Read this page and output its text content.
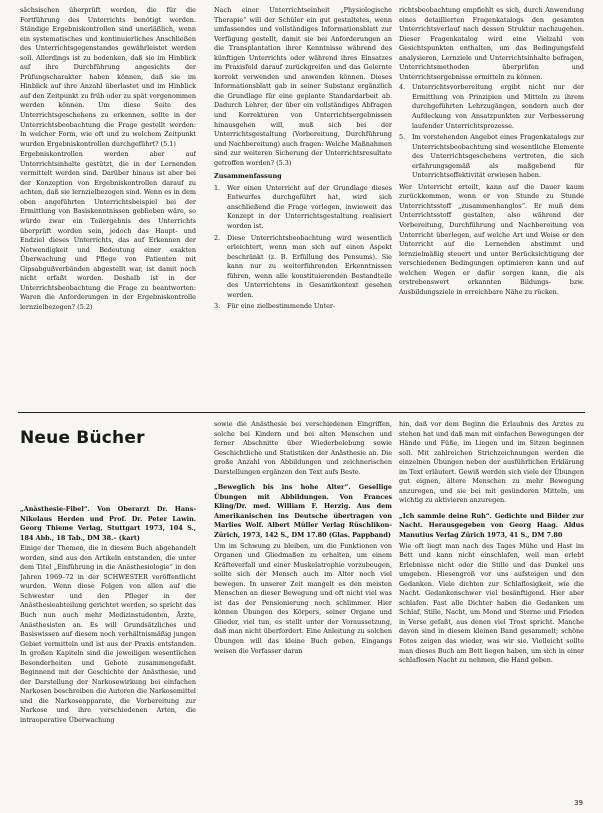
sächsischen überprüft werden, die für die Fortführung des Unterrichts benötigt werden. Ständige Ergebniskontrollen sind unerläßlich, wenn ein systematisches und kontinuierliches Anschließen des Unterrichtsgegenstandes gewährleistet werden soll. Allerdings ist zu bedenken, daß sie im Hinblick auf ihre Durchführung angesichts der Prüfungscharakter haben können, daß sie im Hinblick auf ihre Anzahl überlastet und im Hinblick auf den Zeitpunkt zu früh oder zu spät vorgenommen werden können. Um diese Seite des Unterrichtsgeschehens zu erkennen, sollte in der Unterrichtsbeobachtung die Frage gestellt werden: In welcher Form, wie oft und zu welchem Zeitpunkt wurden Ergebniskontrollen durchgeführt? (5.1)

Ergebniskontrollen werden aber auf Unterrichtsinhalte gestützt, die in der Lernenden vermittelt werden sind. Darüber hinaus ist aber bei der Konzeption von Ergebniskontrollen darauf zu achten, daß sie lernzielbezogen sind. Wenn es in dem oben angeführten Unterrichtsbeispiel bei der Ermittlung von Basiskenntnissen geblieben wäre, so würde zwar ein Teilergebnis des Unterrichts überprüft worden sein, jedoch das Haupt- und Endziel dieses Unterrichts, das auf Erkennen der Notwendigkeit und Bedeutung einer exakten Überwachung und Pflege von Patienten mit Gipsabgußverbänden abgestellt war, ist damit noch nicht erfaßt worden. Deshalb ist in der Unterrichtsbeobachtung die Frage zu beantworten: Waren die Anforderungen in der Ergebniskontrolle lernzielbezogen? (5.2)

Nach einer Unterrichtseinheit „Physiologische Therapie“ will der Schüler ein gut gestaltetes, wenn umfassendes und vollständiges Informationsblatt zur Verfügung gestellt, damit sie bei Anforderungen an die Transplantation ihrer Kenntnisse während des künftigen Unterrichts oder während ihres Einsatzes im Praxisfeld darauf zurückgreifen und das Gelernte korrekt verwenden und anwenden können. Dieses Informationsblatt gab in seiner Substanz ergänzlich die Grundlage für eine geplante Standardarbeit ab. Dadurch Lehrer, der über ein vollständiges Abfragen und Korrekturen von Unterrichtsergebnissen hinausgehen will, muß sich bei der Unterrichtsgestaltung (Vorbereitung, Durchführung und Nachbereitung) auch fragen: Welche Maßnahmen sind zur weiteren Sicherung der Unterrichtsresultate getroffen worden? (5.3)

Zusammenfassung
1. Wer einen Unterricht auf der Grundlage dieses Entwurfes durchgeführt hat, wird sich anschließend die Frage vorlegen, inwieweit das Konzept in der Unterrichtsgestaltung realisiert worden ist.
2. Diese Unterrichtsbeobachtung wird wesentlich erleichtert, wenn man sich auf einen Aspekt beschränkt (z. B. Erfüllung des Pensums). Sie kann nur zu weiterführenden Erkenntnissen führen, wenn alle konstituierenden Bestandteile des Unterrichtens in Gesamtkontext gesehen werden.
3. Für eine zielbestimmende Unter-

richtsbeobachtung empfiehlt es sich, durch Anwendung eines detaillierten Fragenkatalogs den gesamten Unterrichtsverlauf nach dessen Struktur nachzugehen. Dieser Fragenkatalog wird eine Vielzahl von Gesichtspunkten enthalten, um das Bedingungsfeld analysieren, Lernziele und Unterrichtsinhalte befragen, Unterrichtsmethoden überprüfen und Unterrichtsergebnisse ermitteln zu können.

4. Unterrichtsvorbereitung ergibt nicht nur der Ermittlung von Prinzipien und Mitteln zu ihrem durchgeführten Lehrzugängen, sondern auch der Aufdeckung von Ansatzpunkten zur Verbesserung laufender Unterrichtsprozesse.
5. Im vorstehenden Angebot eines Fragenkatalogs zur Unterrichtsbeobachtung sind wesentliche Elemente des Unterrichtsgeschehens vertreten, die sich erfahrungsgemäß als maßgebend für Unterrichtseffektivität erwiesen haben.

Wer Unterricht erteilt, kann auf die Dauer kaum zurückkommen, wenn er von Stunde zu Stunde Unterrichtsstoff „zusammenhanglos“. Er muß dem Unterrichtsstoff gestalten, also während der Vorbereitung, Durchführung und Nachbereitung von Unterricht überlegen, auf welche Art und Weise er den Unterricht auf die Lernenden abstimmt und lernzielmäßig steuert und unter Berücksichtigung der verschiedenen Bedingungen optimieren kann und auf welchen Wegen er dafür sorgen kann, die als erstrebenswert erkannten Bildungs- bzw. Ausbildungsziele in erreichbare Nähe zu rücken.

Neue Bücher

„Anästhesie-Fibel“. Von Oberarzt Dr. Hans-Nikolaus Herden und Prof. Dr. Peter Lawin. Georg Thieme Verlag, Stuttgart 1973, 104 S., 184 Abb., 18 Tab., DM 38.– (kart)

Einige der Themen, die in diesem Buch abgehandelt worden, sind aus den Artikeln entstanden, die unter dem Titel „Einführung in die Anästhesiologie“ in den Jahren 1969–72 in der SCHWESTER veröffentlicht wurden. Wenn diese Folgen von allen auf die Schwester und den Pfleger in der Anästhesieabteilung gerichtet werden, so spricht das Buch nun auch mehr Medizinstudenten, Ärzte, Anästhesisten an. Es will Grundsätzliches und Basiswissen auf diesem noch verhältnismäßig jungen Gebiet vermitteln und ist aus der Praxis entstanden. In großen Kapiteln sind die jeweiligen wesentlichen Besonderheiten und Gebote zusammengefaßt. Beginnend mit der Geschichte der Anästhesie, und der Darstellung der Narkosewirkung bei einfachen Narkosen beschreiben die Autoren die Narkosemittel und die Narkoseapparate, die Vorbereitung zur Narkose und ihre verschiedenen Arten, die intraoperative Überwachung

sowie die Anästhesie bei verschiedenen Eingriffen, solche bei Kindern und bei alten Menschen und ferner Abschnitte über Wiederbelebung sowie Geschichtliche und Statistiken der Anästhesie an. Die große Anzahl von Abbildungen und zeichnerischen Darstellungen ergänzen den Text aufs Beste.

„Beweglich bis ins hohe Alter“. Gesellige Übungen mit Abbildungen. Von Frances Kling/Dr. med. William F. Herzig. Aus dem Amerikanischen ins Deutsche übertragen von Marlies Wolf. Albert Müller Verlag Rüschlikon-Zürich, 1973, 142 S., DM 17.80 (Glas. Pappband)

Um im Schwung zu bleiben, um die Funktionen von Organen und Gliedmaßen zu erhalten, um einem Kräfteverfall und einer Muskelatrophie vorzubeugen, sollte sich der Mensch auch im Alter noch viel bewegen. In unserer Zeit mangelt es den meisten Menschen an dieser Bewegung und oft nicht viel was ist das der Pensionierung noch schlimmer. Hier können Übungen des Körpers, seiner Organe und Glieder, viel tun, es stellt unter der Voraussetzung, daß man nicht überfordert. Eine Anleitung zu solchen Übungen will das kleine Buch geben. Eingangs weisen die Verfasser daran

hin, daß vor dem Beginn die Erlaubnis des Arztes zu stehen hat und daß man mit einfachen Bewegungen der Hände und Füße, im Liegen und im Sitzen beginnen soll. Mit zahlreichen Strichzeichnungen werden die einzelnen Übungen neben der ausführlichen Erklärung im Text erläutert. Gewiß werden sich viele der Übungen gut eignen, ältere Menschen zu mehr Bewegung anzuregen, und sie bei mit gesünderen Mitteln, um wichtig zu aktivieren anzuregen.

„Ich sammle deine Ruh“. Gedichte und Bilder zur Nacht. Herausgegeben von Georg Haag. Aldus Manutius Verlag Zürich 1973, 41 S., DM 7.80

Wie oft liegt man nach des Tages Mühe und Hast im Bett und kann nicht einschlafen, weil man erlebt Erlebnisse nicht oder die Stille und das Dunkel uns umgeben. Hiesengroß vor uns aufsteigen und den Gedanken. Viele dichten zur Schlaflosigkeit, wie die Nacht. Gedankenschwer viel besänftigend. Hier aber schlafen. Fast alle Dichter haben die Gedanken um Schlaf, Stille, Nacht, um Mond und Sterne und Frieden in Verse gefaßt, aus denen viel Trost spricht. Manche davon sind in diesem kleinen Band gesammelt; schöne Fotos zeigen das wieder, was wir sie. Vielleicht sollte man dieses Buch am Bett liegen haben, um sich in einer schlaflosen Nacht zu nehmen, die Hand geben.

39
